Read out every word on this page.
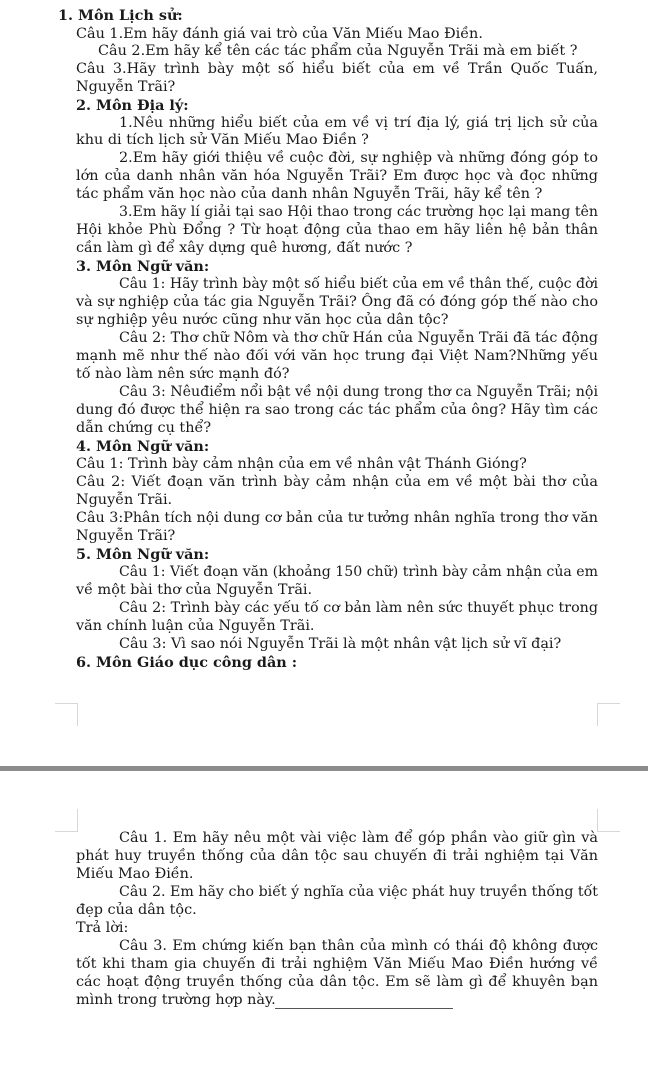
1. Môn Lịch sử:
Câu 1.Em hãy đánh giá vai trò của Văn Miếu Mao Điền.
Câu 2.Em hãy kể tên các tác phẩm của Nguyễn Trãi mà em biết ?
Câu 3.Hãy trình bày một số hiểu biết của em về Trần Quốc Tuấn,
Nguyễn Trãi?
2. Môn Địa lý:
1.Nêu những hiểu biết của em về vị trí địa lý, giá trị lịch sử của
khu di tích lịch sử Văn Miếu Mao Điền ?
2.Em hãy giới thiệu về cuộc đời, sự nghiệp và những đóng góp to
lớn của danh nhân văn hóa Nguyễn Trãi? Em được học và đọc những
tác phẩm văn học nào của danh nhân Nguyễn Trãi, hãy kể tên ?
3.Em hãy lí giải tại sao Hội thao trong các trường học lại mang tên
Hội khỏe Phù Đổng ? Từ hoạt động của thao em hãy liên hệ bản thân
cần làm gì để xây dựng quê hương, đất nước ?
3. Môn Ngữ văn:
Câu 1: Hãy trình bày một số hiểu biết của em về thân thế, cuộc đời
và sự nghiệp của tác gia Nguyễn Trãi? Ông đã có đóng góp thế nào cho
sự nghiệp yêu nước cũng như văn học của dân tộc?
Câu 2: Thơ chữ Nôm và thơ chữ Hán của Nguyễn Trãi đã tác động
mạnh mẽ như thế nào đối với văn học trung đại Việt Nam?Những yếu
tố nào làm nên sức mạnh đó?
Câu 3: Nêuđiểm nổi bật về nội dung trong thơ ca Nguyễn Trãi; nội
dung đó được thể hiện ra sao trong các tác phẩm của ông? Hãy tìm các
dẫn chứng cụ thể?
4. Môn Ngữ văn:
Câu 1: Trình bày cảm nhận của em về nhân vật Thánh Gióng?
Câu 2: Viết đoạn văn trình bày cảm nhận của em về một bài thơ của
Nguyễn Trãi.
Câu 3:Phân tích nội dung cơ bản của tư tưởng nhân nghĩa trong thơ văn
Nguyễn Trãi?
5. Môn Ngữ văn:
Câu 1: Viết đoạn văn (khoảng 150 chữ) trình bày cảm nhận của em
về một bài thơ của Nguyễn Trãi.
Câu 2: Trình bày các yếu tố cơ bản làm nên sức thuyết phục trong
văn chính luận của Nguyễn Trãi.
Câu 3: Vì sao nói Nguyễn Trãi là một nhân vật lịch sử vĩ đại?
6. Môn Giáo dục công dân :
Câu 1. Em hãy nêu một vài việc làm để góp phần vào giữ gìn và
phát huy truyền thống của dân tộc sau chuyến đi trải nghiệm tại Văn
Miếu Mao Điền.
Câu 2. Em hãy cho biết ý nghĩa của việc phát huy truyền thống tốt
đẹp của dân tộc.
Trả lời:
Câu 3. Em chứng kiến bạn thân của mình có thái độ không được
tốt khi tham gia chuyến đi trải nghiệm Văn Miếu Mao Điền hướng về
các hoạt động truyền thống của dân tộc. Em sẽ làm gì để khuyên bạn
mình trong trường hợp này.
